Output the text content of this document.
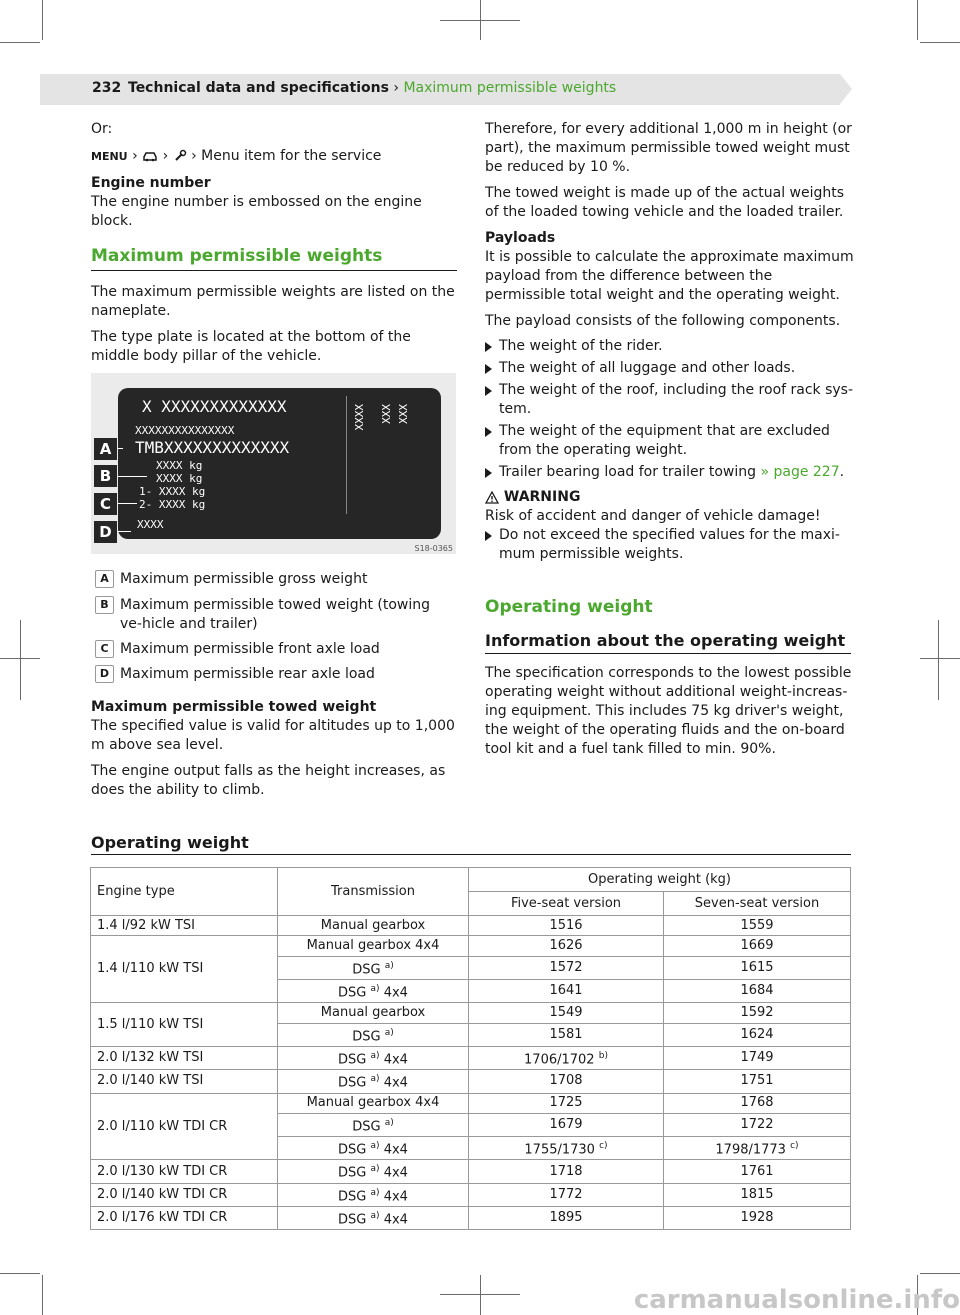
232 Technical data and specifications › Maximum permissible weights

Or:

MENU › › › Menu item for the service

Engine number

The engine number is embossed on the engine block.

Maximum permissible weights

The maximum permissible weights are listed on the nameplate.

The type plate is located at the bottom of the middle body pillar of the vehicle.

X XXXXXXXXXXXXX
XXXXXXXXXXXXXXX
TMBXXXXXXXXXXXXX
XXXX kg
XXXX kg
1- XXXX kg
2- XXXX kg
XXXX
XXXX XXX XXX
A
B
C
D
S18-0365
A Maximum permissible gross weight
B Maximum permissible towed weight (towing ve-hicle and trailer)
C Maximum permissible front axle load
D Maximum permissible rear axle load

Maximum permissible towed weight

The specified value is valid for altitudes up to 1,000 m above sea level.

The engine output falls as the height increases, as does the ability to climb.

Therefore, for every additional 1,000 m in height (or part), the maximum permissible towed weight must be reduced by 10 %.

The towed weight is made up of the actual weights of the loaded towing vehicle and the loaded trailer.

Payloads

It is possible to calculate the approximate maximum payload from the difference between the permissible total weight and the operating weight.

The payload consists of the following components.

The weight of the rider.

The weight of all luggage and other loads.

The weight of the roof, including the roof rack sys-tem.

The weight of the equipment that are excluded from the operating weight.

Trailer bearing load for trailer towing » page 227.

WARNING

Risk of accident and danger of vehicle damage!

Do not exceed the specified values for the maxi-mum permissible weights.

Operating weight
Information about the operating weight
The specification corresponds to the lowest possible operating weight without additional weight-increas-ing equipment. This includes 75 kg driver's weight, the weight of the operating fluids and the on-board tool kit and a fuel tank filled to min. 90%.
Operating weight
Engine type	Transmission	Operating weight (kg)	
		Five-seat version	Seven-seat version
1.4 l/92 kW TSI	Manual gearbox	1516	1559
1.4 l/110 kW TSI	Manual gearbox 4x4	1626	1669
	DSG $^{a)}$	1572	1615
	DSG $^{a)}$ 4x4	1641	1684
1.5 l/110 kW TSI	Manual gearbox	1549	1592
	DSG $^{a)}$	1581	1624
2.0 l/132 kW TSI	DSG $^{a)}$ 4x4	1706/1702 $^{b)}$	1749
2.0 l/140 kW TSI	DSG $^{a)}$ 4x4	1708	1751
2.0 l/110 kW TDI CR	Manual gearbox 4x4	1725	1768
	DSG $^{a)}$	1679	1722
	DSG $^{a)}$ 4x4	1755/1730 $^{c)}$	1798/1773 $^{c)}$
2.0 l/130 kW TDI CR	DSG $^{a)}$ 4x4	1718	1761
2.0 l/140 kW TDI CR	DSG $^{a)}$ 4x4	1772	1815
2.0 l/176 kW TDI CR	DSG $^{a)}$ 4x4	1895	1928
carmanualsonline.info
